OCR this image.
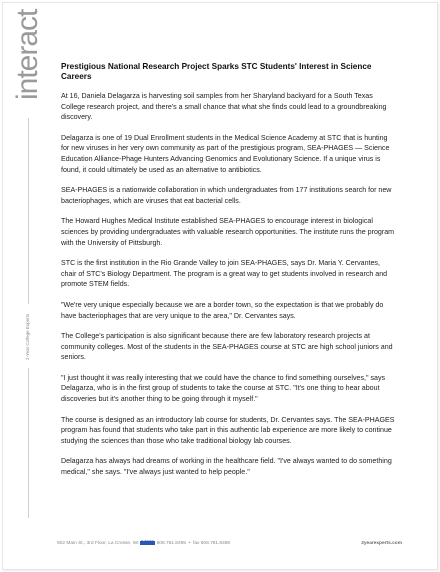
interact
2-Year College Experts
Prestigious National Research Project Sparks STC Students' Interest in Science Careers

At 16, Daniela Delagarza is harvesting soil samples from her Sharyland backyard for a South Texas College research project, and there's a small chance that what she finds could lead to a groundbreaking discovery.

Delagarza is one of 19 Dual Enrollment students in the Medical Science Academy at STC that is hunting for new viruses in her very own community as part of the prestigious program, SEA-PHAGES — Science Education Alliance-Phage Hunters Advancing Genomics and Evolutionary Science. If a unique virus is found, it could ultimately be used as an alternative to antibiotics.

SEA-PHAGES is a nationwide collaboration in which undergraduates from 177 institutions search for new bacteriophages, which are viruses that eat bacterial cells.

The Howard Hughes Medical Institute established SEA-PHAGES to encourage interest in biological sciences by providing undergraduates with valuable research opportunities. The institute runs the program with the University of Pittsburgh.

STC is the first institution in the Rio Grande Valley to join SEA-PHAGES, says Dr. Maria Y. Cervantes, chair of STC's Biology Department. The program is a great way to get students involved in research and promote STEM fields.

"We're very unique especially because we are a border town, so the expectation is that we probably do have bacteriophages that are very unique to the area," Dr. Cervantes says.

The College's participation is also significant because there are few laboratory research projects at community colleges. Most of the students in the SEA-PHAGES course at STC are high school juniors and seniors.

"I just thought it was really interesting that we could have the chance to find something ourselves," says Delagarza, who is in the first group of students to take the course at STC. "It's one thing to hear about discoveries but it's another thing to be going through it myself."

The course is designed as an introductory lab course for students, Dr. Cervantes says. The SEA-PHAGES program has found that students who take part in this authentic lab experience are more likely to continue studying the sciences than those who take traditional biology lab courses.

Delagarza has always had dreams of working in the healthcare field. "I've always wanted to do something medical," she says. "I've always just wanted to help people."

502 Main St., 3rd Floor, La Crosse, WI 54601 608.781.8495  •  fax 608.781.8496	2yearexperts.com
